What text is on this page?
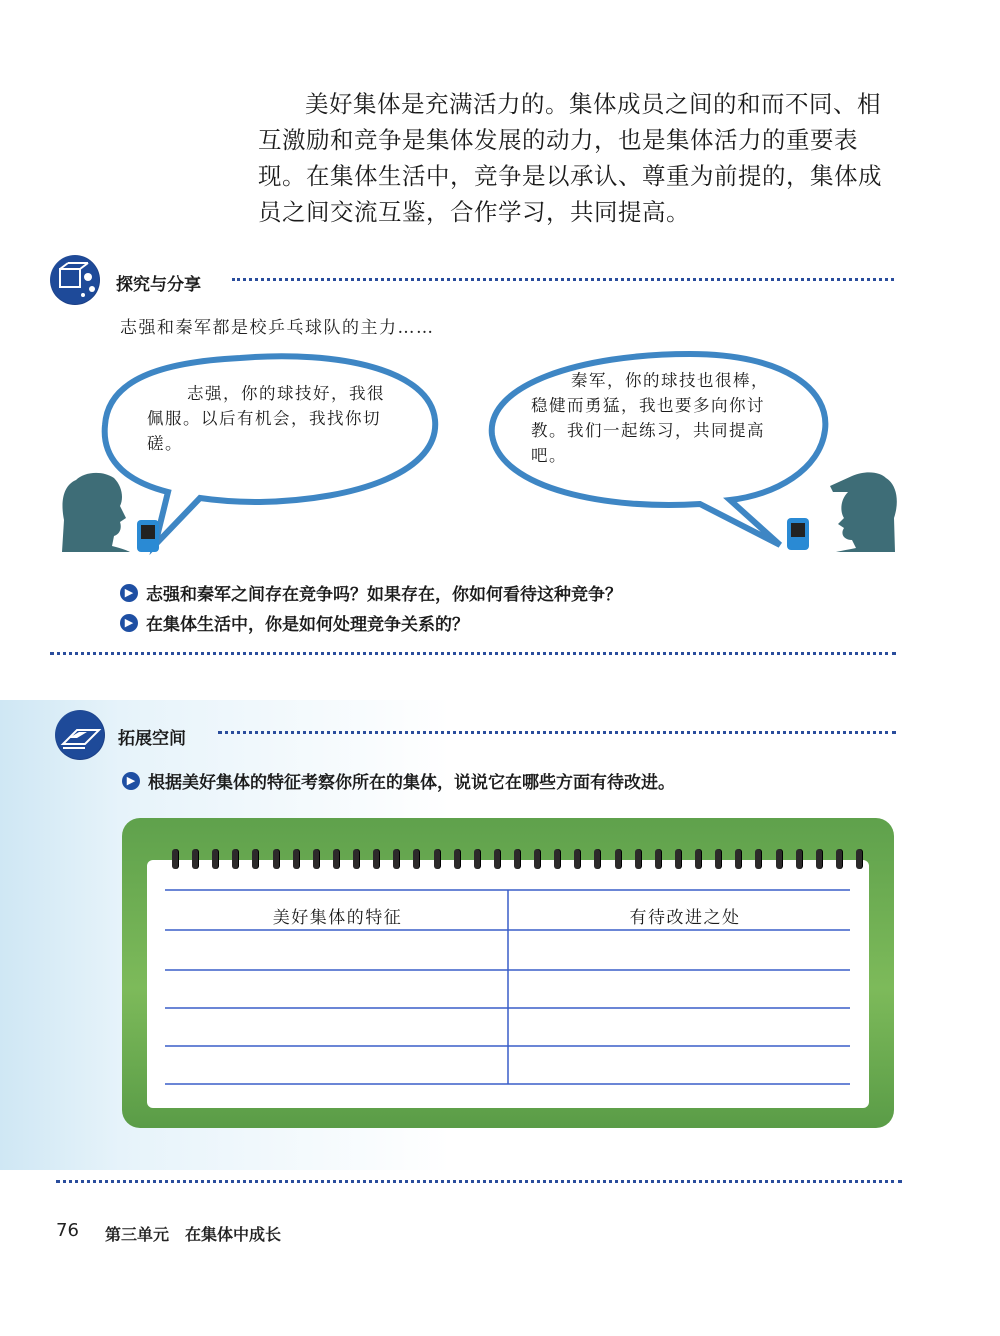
美好集体是充满活力的。集体成员之间的和而不同、相互激励和竞争是集体发展的动力，也是集体活力的重要表现。在集体生活中，竞争是以承认、尊重为前提的，集体成员之间交流互鉴，合作学习，共同提高。
探究与分享
志强和秦军都是校乒乓球队的主力……
志强，你的球技好，我很佩服。以后有机会，我找你切磋。
秦军，你的球技也很棒，稳健而勇猛，我也要多向你讨教。我们一起练习，共同提高吧。
▶ 志强和秦军之间存在竞争吗？如果存在，你如何看待这种竞争？
▶ 在集体生活中，你是如何处理竞争关系的？
拓展空间
▶ 根据美好集体的特征考察你所在的集体，说说它在哪些方面有待改进。
美好集体的特征	有待改进之处
76 第三单元　在集体中成长
